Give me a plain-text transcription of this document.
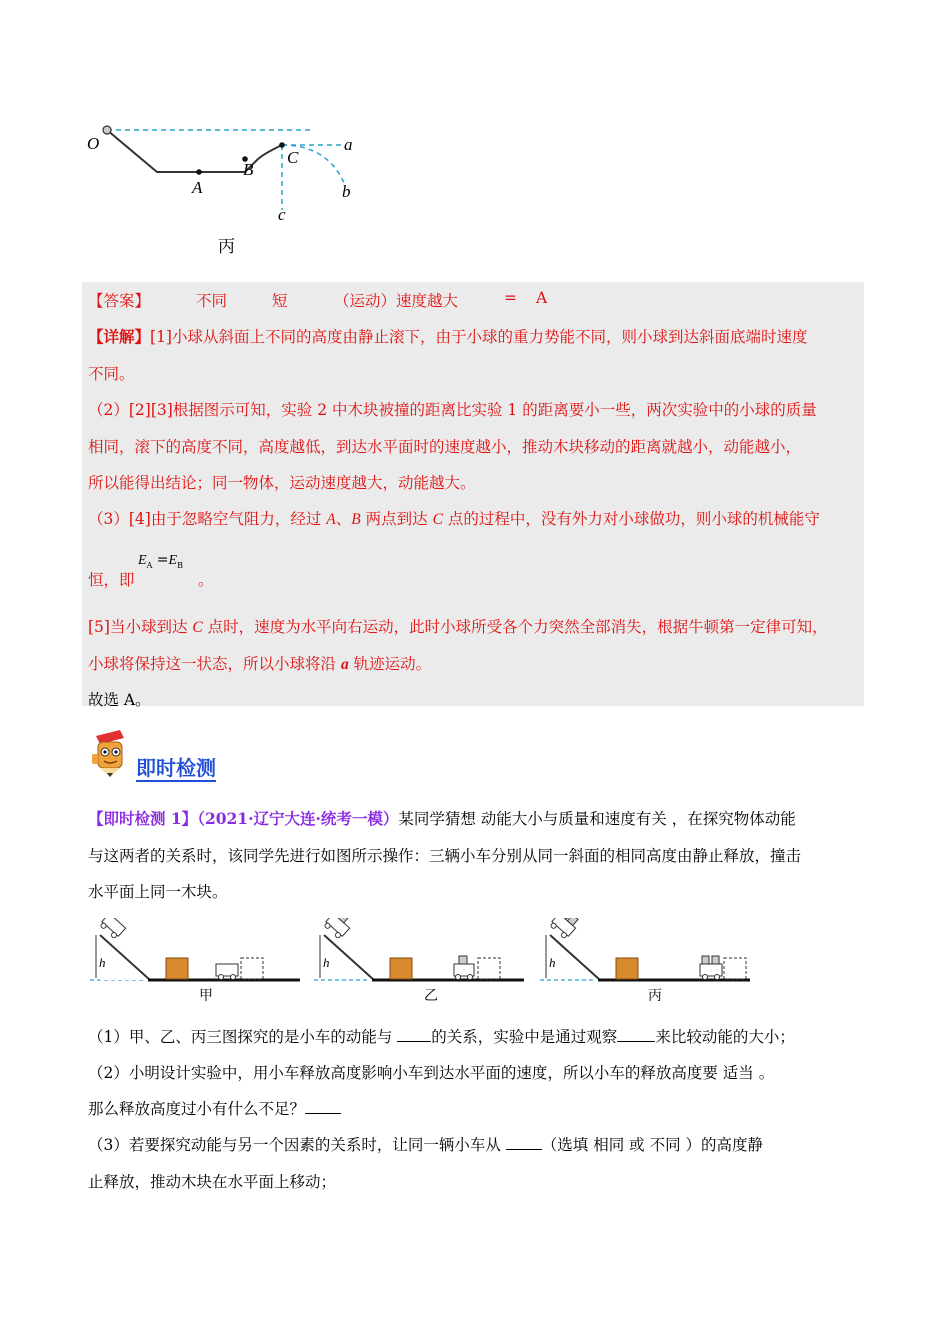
O
A
B
C
a
b
c
丙
【答案】	不同	短	（运动）速度越大	= A
【详解】[1]小球从斜面上不同的高度由静止滚下，由于小球的重力势能不同，则小球到达斜面底端时速度
不同。
（2）[2][3]根据图示可知，实验 2 中木块被撞的距离比实验 1 的距离要小一些，两次实验中的小球的质量
相同，滚下的高度不同，高度越低，到达水平面时的速度越小，推动木块移动的距离就越小，动能越小，
所以能得出结论；同一物体，运动速度越大，动能越大。
（3）[4]由于忽略空气阻力，经过 A、B 两点到达 C 点的过程中，没有外力对小球做功，则小球的机械能守
恒，即
$E_A =E_B$
。
[5]当小球到达 C 点时，速度为水平向右运动，此时小球所受各个力突然全部消失，根据牛顿第一定律可知，
小球将保持这一状态，所以小球将沿 a 轨迹运动。
故选 A。
即时检测
【即时检测 1】（2021·辽宁大连·统考一模）某同学猜想 动能大小与质量和速度有关 ，在探究物体动能
与这两者的关系时，该同学先进行如图所示操作：三辆小车分别从同一斜面的相同高度由静止释放，撞击
水平面上同一木块。
h	h	h
甲	乙	丙
（1）甲、乙、丙三图探究的是小车的动能与 的关系，实验中是通过观察 来比较动能的大小；
（2）小明设计实验中，用小车释放高度影响小车到达水平面的速度，所以小车的释放高度要 适当 。
那么释放高度过小有什么不足？
（3）若要探究动能与另一个因素的关系时，让同一辆小车从 （选填 相同 或 不同 ）的高度静
止释放，推动木块在水平面上移动；
